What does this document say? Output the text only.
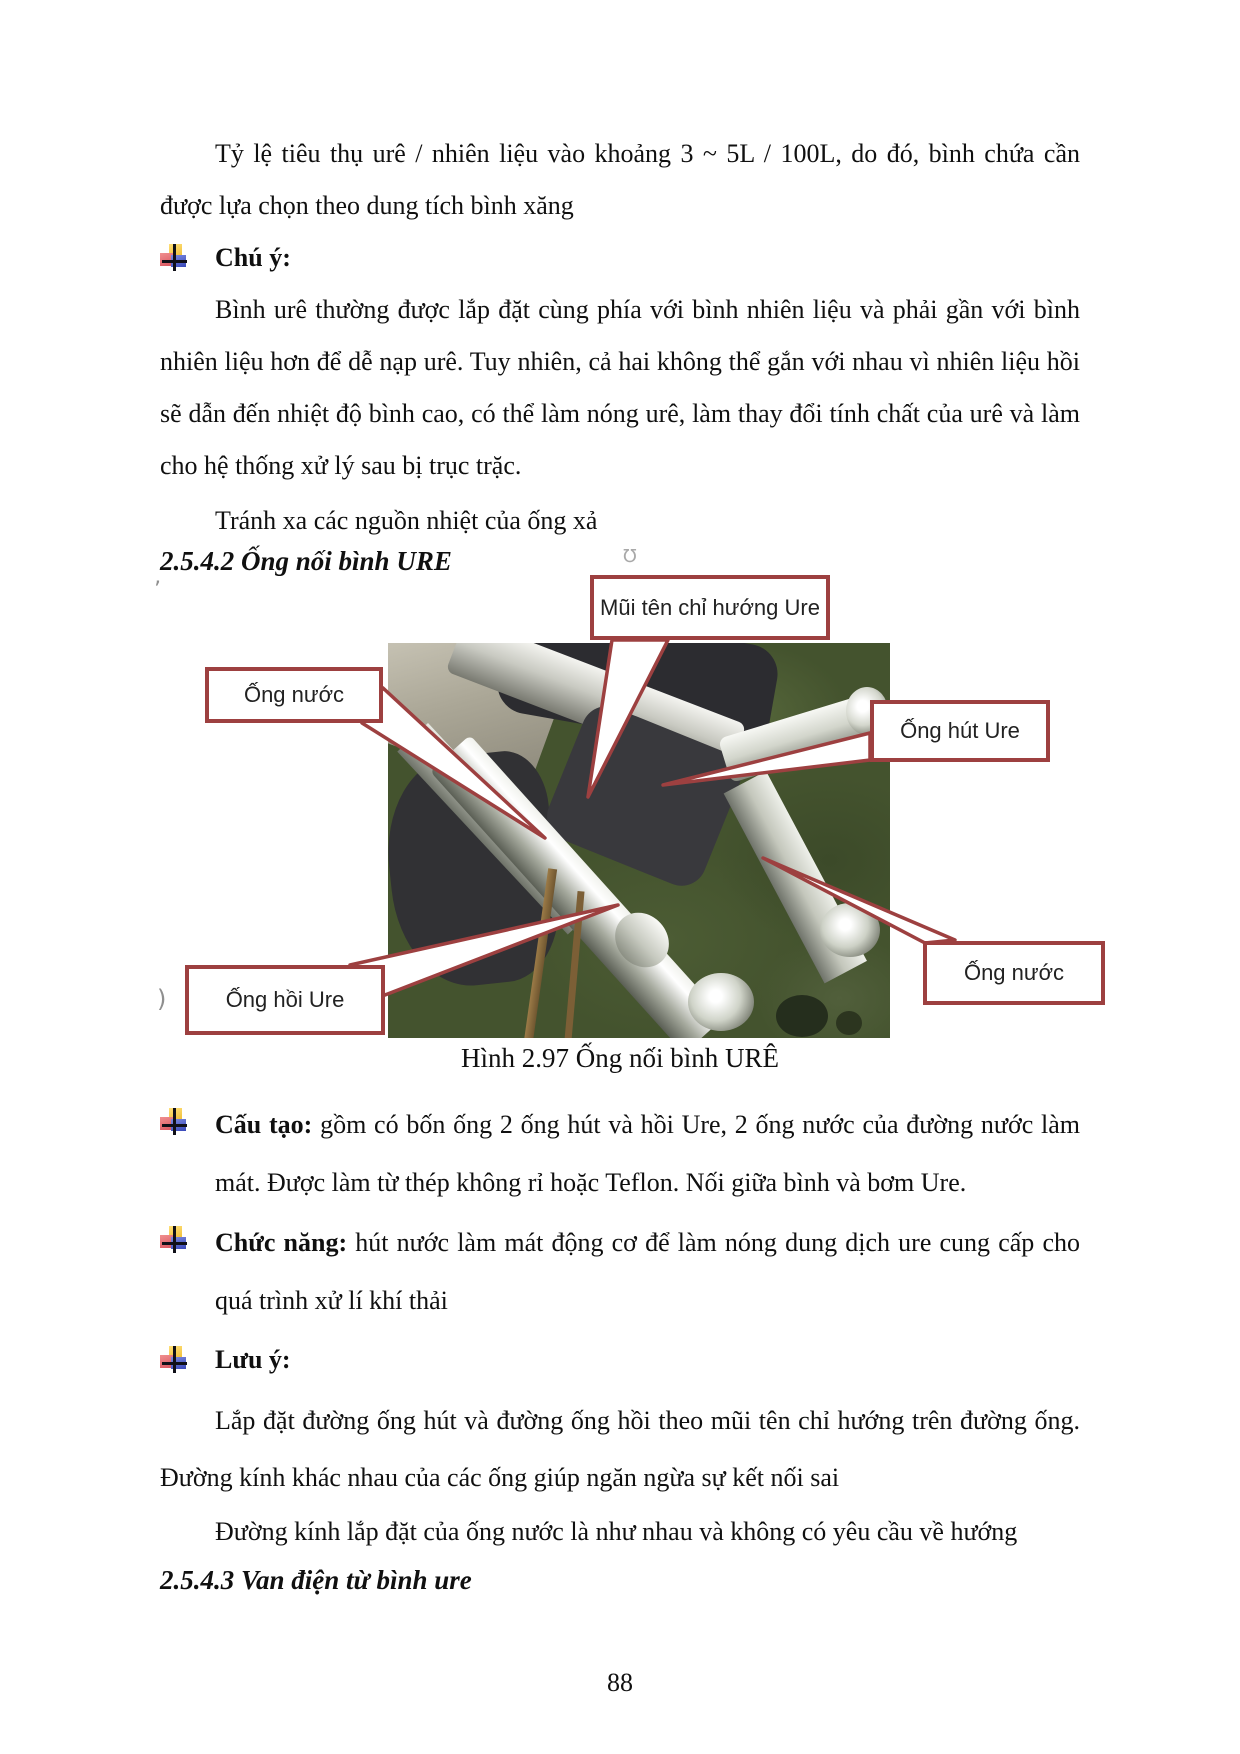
Tỷ lệ tiêu thụ urê / nhiên liệu vào khoảng 3 ~ 5L / 100L, do đó, bình chứa cần được lựa chọn theo dung tích bình xăng

Chú ý:

Bình urê thường được lắp đặt cùng phía với bình nhiên liệu và phải gần với bình nhiên liệu hơn để dễ nạp urê. Tuy nhiên, cả hai không thể gắn với nhau vì nhiên liệu hồi sẽ dẫn đến nhiệt độ bình cao, có thể làm nóng urê, làm thay đổi tính chất của urê và làm cho hệ thống xử lý sau bị trục trặc.

Tránh xa các nguồn nhiệt của ống xả

2.5.4.2 Ống nối bình URE
’
)
Ʊ
Mũi tên chỉ hướng Ure
Ống nước
Ống hút Ure
Ống hồi Ure
Ống nước
Hình 2.97 Ống nối bình URÊ

Cấu tạo: gồm có bốn ống 2 ống hút và hồi Ure, 2 ống nước của đường nước làm mát. Được làm từ thép không rỉ hoặc Teflon. Nối giữa bình và bơm Ure.

Chức năng: hút nước làm mát động cơ để làm nóng dung dịch ure cung cấp cho quá trình xử lí khí thải

Lưu ý:

Lắp đặt đường ống hút và đường ống hồi theo mũi tên chỉ hướng trên đường ống. Đường kính khác nhau của các ống giúp ngăn ngừa sự kết nối sai

Đường kính lắp đặt của ống nước là như nhau và không có yêu cầu về hướng

2.5.4.3 Van điện từ bình ure
88
